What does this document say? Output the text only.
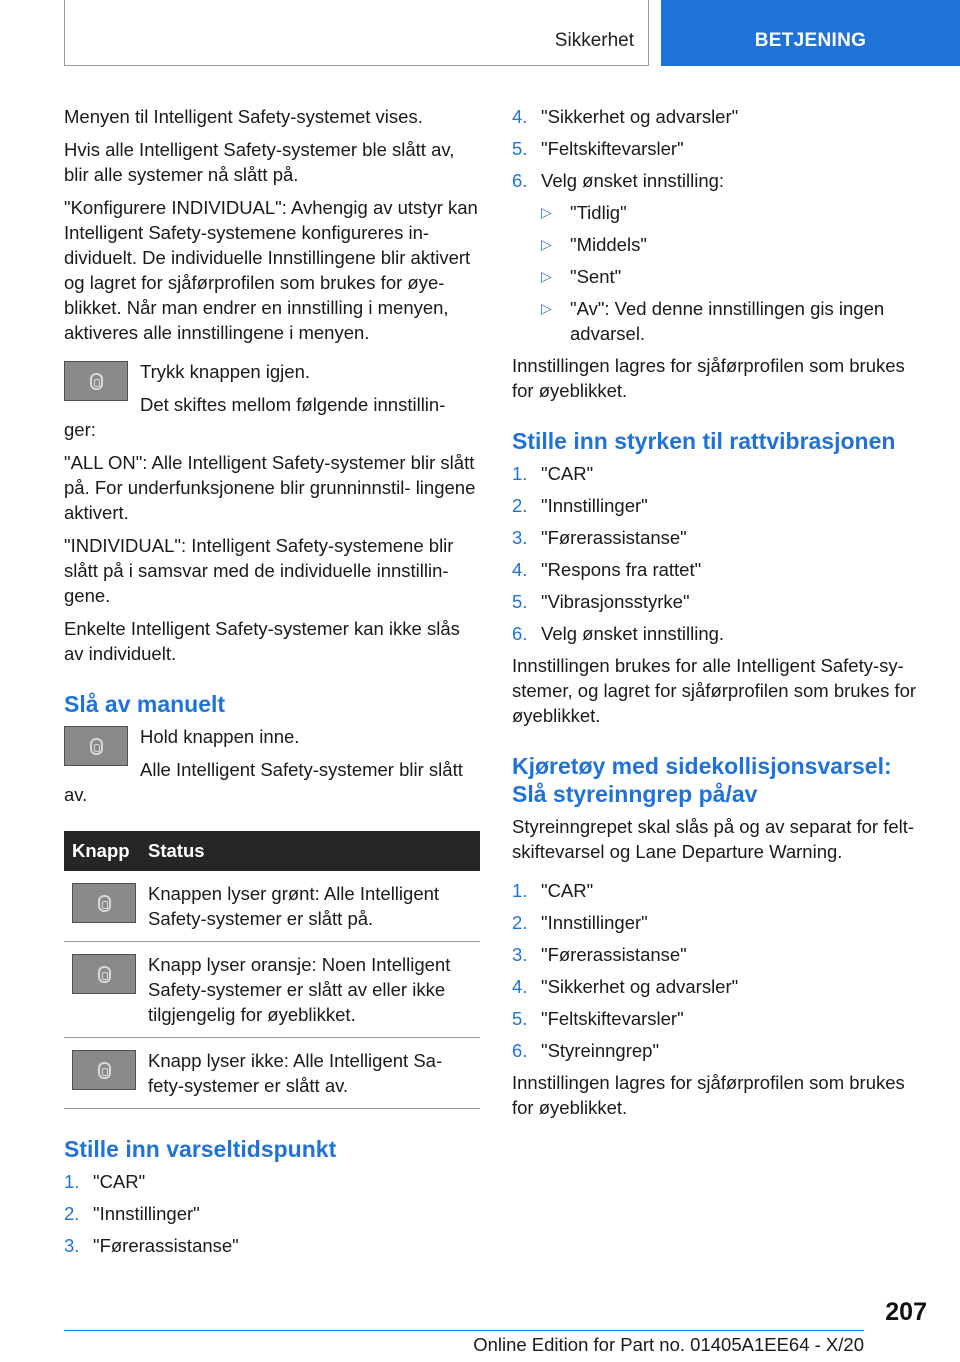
Sikkerhet	BETJENING

Menyen til Intelligent Safety-systemet vises.

Hvis alle Intelligent Safety-systemer ble slått av, blir alle systemer nå slått på.

"Konfigurere INDIVIDUAL": Avhengig av utstyr kan Intelligent Safety-systemene konfigureres in- dividuelt. De individuelle Innstillingene blir aktivert og lagret for sjåførprofilen som brukes for øye- blikket. Når man endrer en innstilling i menyen, aktiveres alle innstillingene i menyen.

Trykk knappen igjen.

Det skiftes mellom følgende innstillin- ger:

"ALL ON": Alle Intelligent Safety-systemer blir slått på. For underfunksjonene blir grunninnstil- lingene aktivert.

"INDIVIDUAL": Intelligent Safety-systemene blir slått på i samsvar med de individuelle innstillin- gene.

Enkelte Intelligent Safety-systemer kan ikke slås av individuelt.

Slå av manuelt

Hold knappen inne.

Alle Intelligent Safety-systemer blir slått av.

Knapp	Status

	Knappen lyser grønt: Alle Intelligent Safety-systemer er slått på.

	Knapp lyser oransje: Noen Intelligent Safety-systemer er slått av eller ikke tilgjengelig for øyeblikket.

	Knapp lyser ikke: Alle Intelligent Sa- fety-systemer er slått av.
Stille inn varseltidspunkt
1. "CAR"
2. "Innstillinger"
3. "Førerassistanse"
4. "Sikkerhet og advarsler"
5. "Feltskiftevarsler"
6. Velg ønsket innstilling:
▷ "Tidlig"
▷ "Middels"
▷ "Sent"
▷ "Av": Ved denne innstillingen gis ingen advarsel.

Innstillingen lagres for sjåførprofilen som brukes for øyeblikket.

Stille inn styrken til rattvibrasjonen
1. "CAR"
2. "Innstillinger"
3. "Førerassistanse"
4. "Respons fra rattet"
5. "Vibrasjonsstyrke"
6. Velg ønsket innstilling.

Innstillingen brukes for alle Intelligent Safety-sy- stemer, og lagret for sjåførprofilen som brukes for øyeblikket.

Kjøretøy med sidekollisjonsvarsel: Slå styreinngrep på/av

Styreinngrepet skal slås på og av separat for felt- skiftevarsel og Lane Departure Warning.

1. "CAR"
2. "Innstillinger"
3. "Førerassistanse"
4. "Sikkerhet og advarsler"
5. "Feltskiftevarsler"
6. "Styreinngrep"

Innstillingen lagres for sjåførprofilen som brukes for øyeblikket.

207
Online Edition for Part no. 01405A1EE64 - X/20
